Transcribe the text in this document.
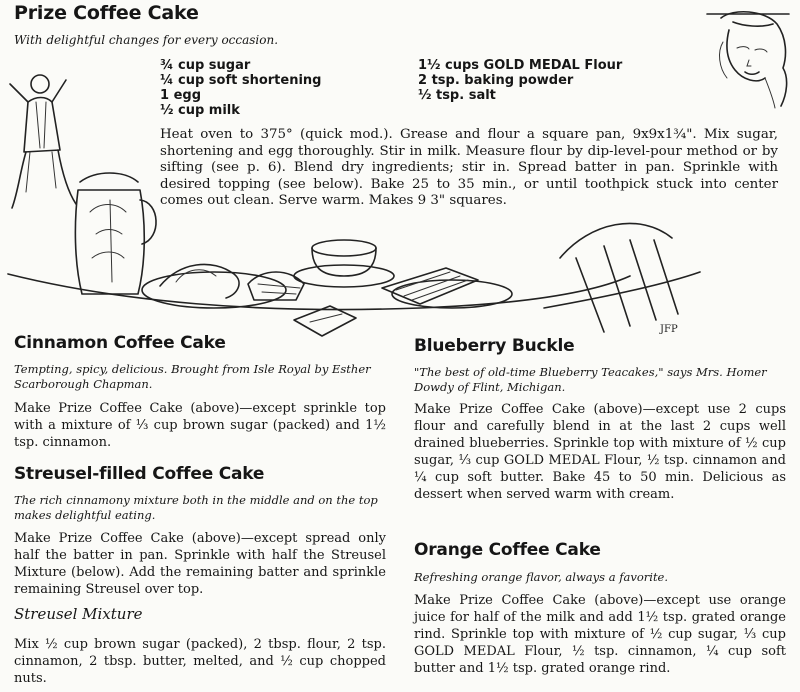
Prize Coffee Cake
With delightful changes for every occasion.

¾ cup sugar

¼ cup soft shortening

1 egg

½ cup milk

1½ cups GOLD MEDAL Flour

2 tsp. baking powder

½ tsp. salt

Heat oven to 375° (quick mod.). Grease and flour a square pan, 9x9x1¾". Mix sugar, shortening and egg thoroughly. Stir in milk. Measure flour by dip-level-pour method or by sifting (see p. 6). Blend dry ingredients; stir in. Spread batter in pan. Sprinkle with desired topping (see below). Bake 25 to 35 min., or until toothpick stuck into center comes out clean. Serve warm. Makes 9 3" squares.

JFP
Cinnamon Coffee Cake
Tempting, spicy, delicious. Brought from Isle Royal by Esther Scarborough Chapman.

Make Prize Coffee Cake (above)—except sprinkle top with a mixture of ⅓ cup brown sugar (packed) and 1½ tsp. cinnamon.

Streusel-filled Coffee Cake
The rich cinnamony mixture both in the middle and on the top makes delightful eating.

Make Prize Coffee Cake (above)—except spread only half the batter in pan. Sprinkle with half the Streusel Mixture (below). Add the remaining batter and sprinkle remaining Streusel over top.

Streusel Mixture

Mix ½ cup brown sugar (packed), 2 tbsp. flour, 2 tsp. cinnamon, 2 tbsp. butter, melted, and ½ cup chopped nuts.

Blueberry Buckle
"The best of old-time Blueberry Teacakes," says Mrs. Homer Dowdy of Flint, Michigan.

Make Prize Coffee Cake (above)—except use 2 cups flour and carefully blend in at the last 2 cups well drained blueberries. Sprinkle top with mixture of ½ cup sugar, ⅓ cup GOLD MEDAL Flour, ½ tsp. cinnamon and ¼ cup soft butter. Bake 45 to 50 min. Delicious as dessert when served warm with cream.

Orange Coffee Cake
Refreshing orange flavor, always a favorite.

Make Prize Coffee Cake (above)—except use orange juice for half of the milk and add 1½ tsp. grated orange rind. Sprinkle top with mixture of ½ cup sugar, ⅓ cup GOLD MEDAL Flour, ½ tsp. cinnamon, ¼ cup soft butter and 1½ tsp. grated orange rind.
